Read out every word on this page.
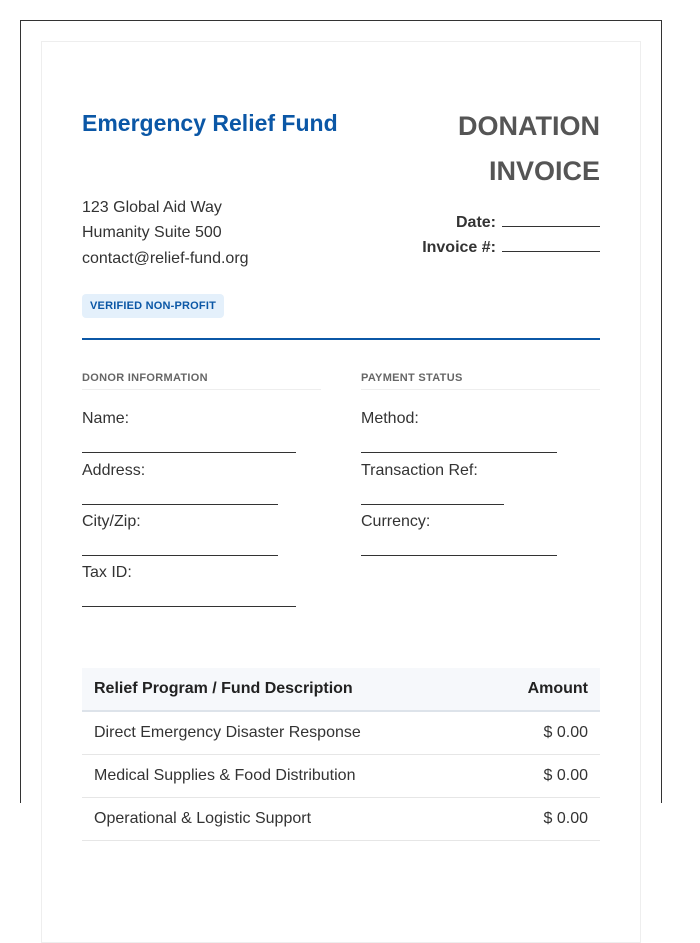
Emergency Relief Fund
123 Global Aid Way
Humanity Suite 500
contact@relief-fund.org
VERIFIED NON-PROFIT
DONATION INVOICE
Date:
Invoice #:
DONOR INFORMATION
Name:
Address:
City/Zip:
Tax ID:
PAYMENT STATUS
Method:
Transaction Ref:
Currency:
Relief Program / Fund Description	Amount
Direct Emergency Disaster Response	$ 0.00
Medical Supplies & Food Distribution	$ 0.00
Operational & Logistic Support	$ 0.00
